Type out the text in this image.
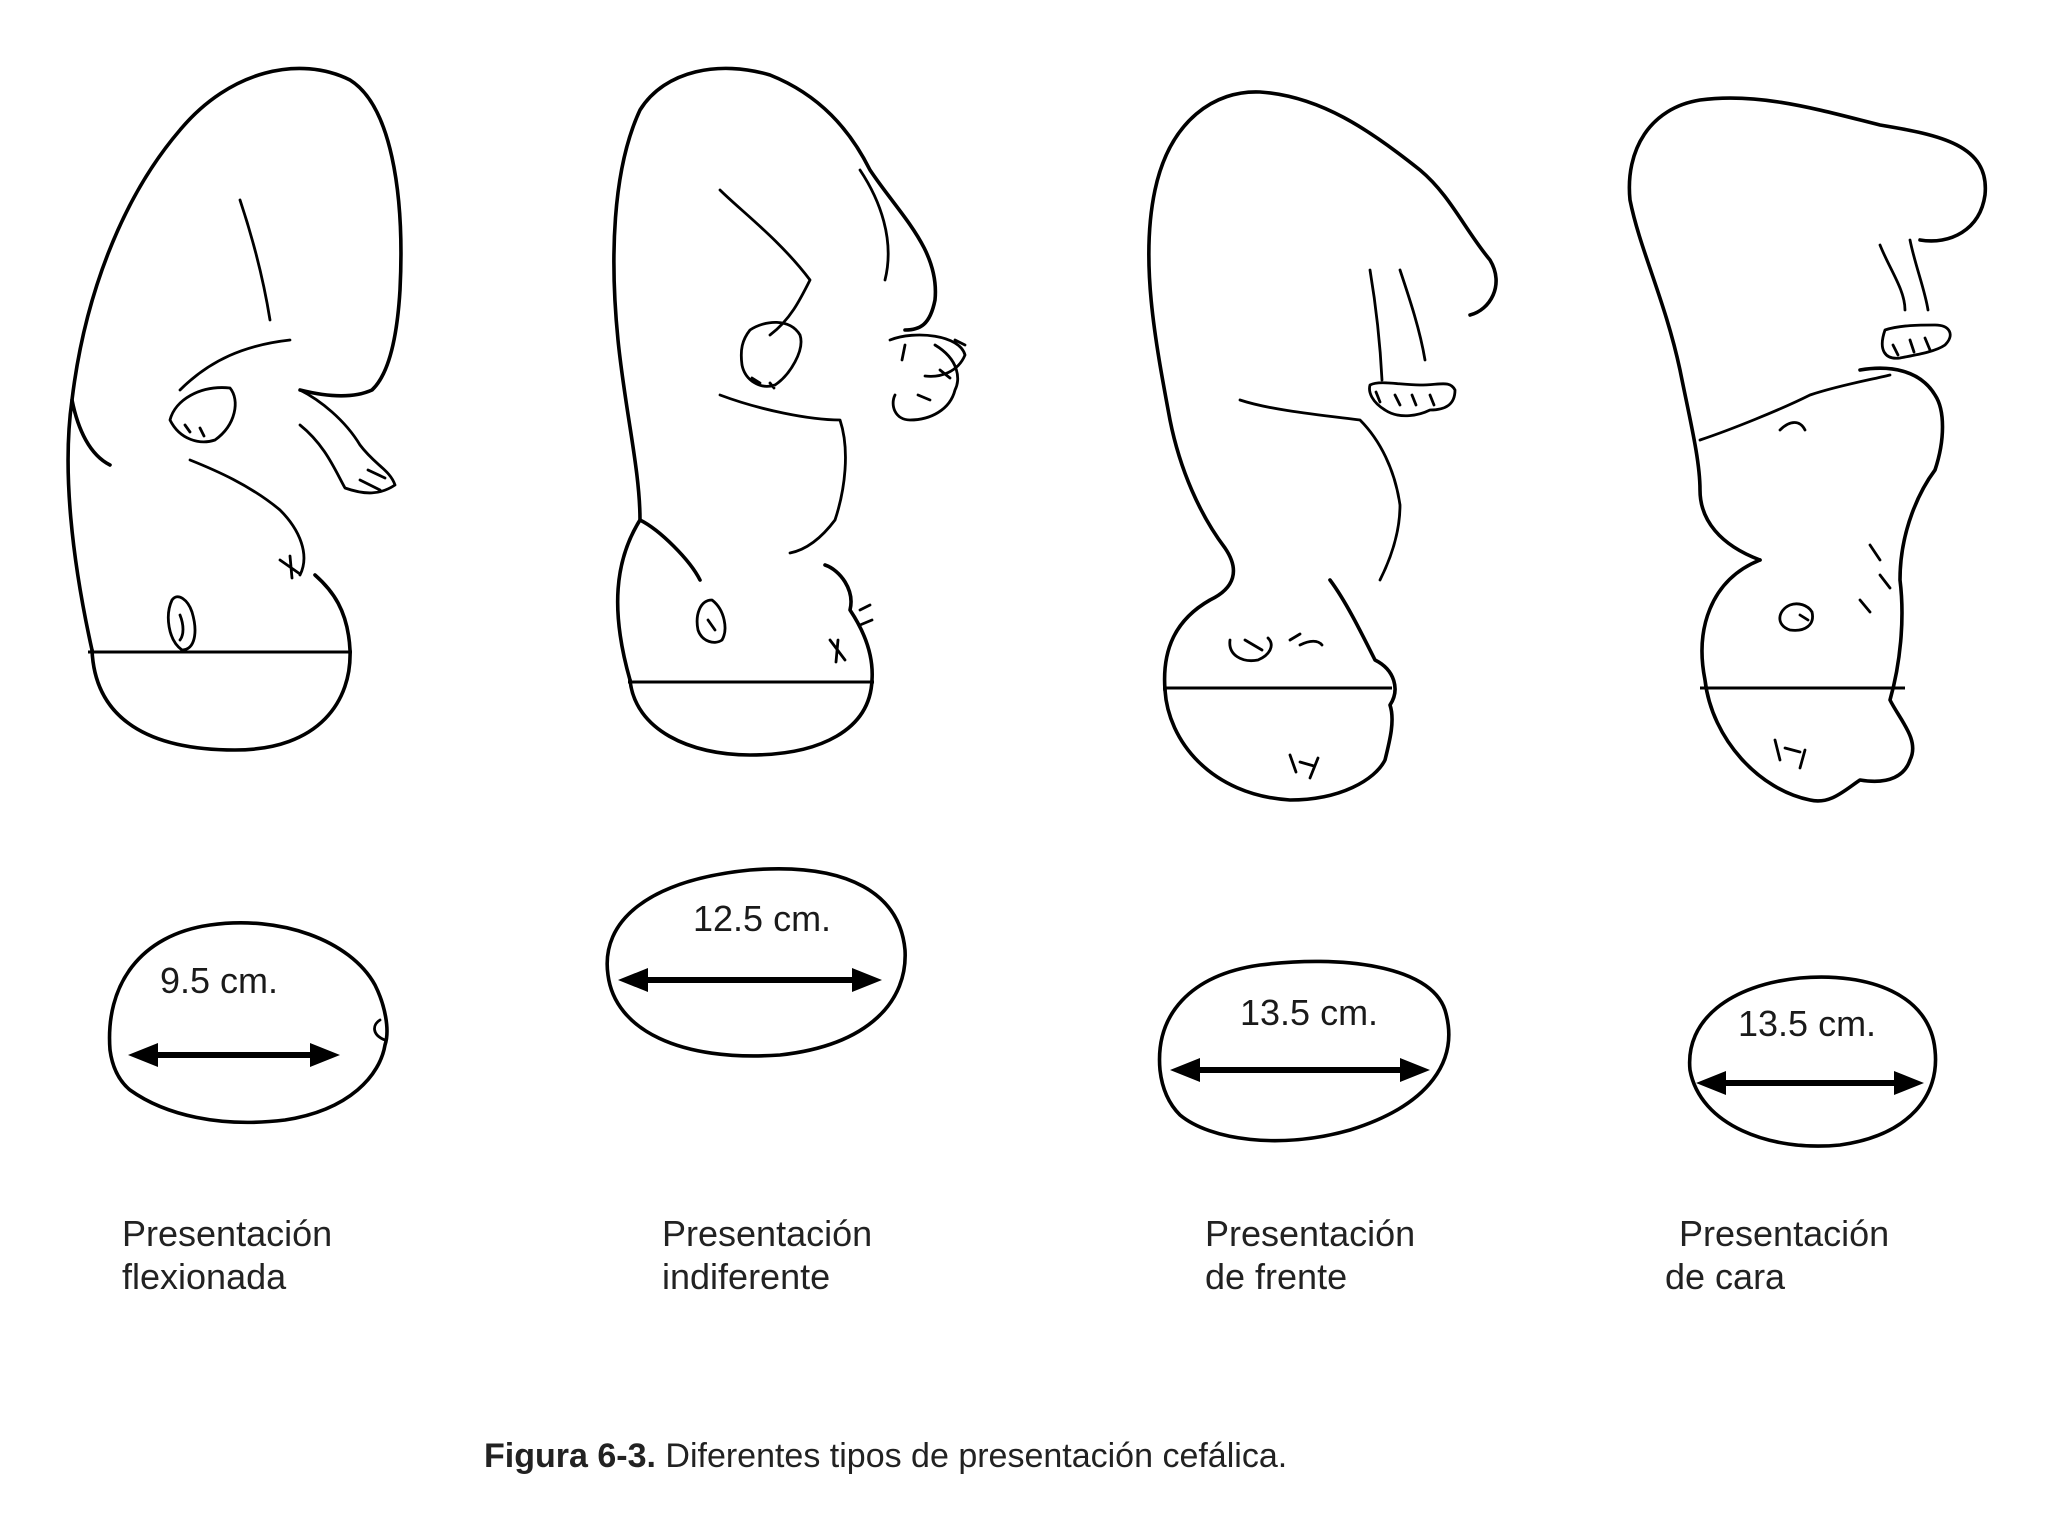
9.5 cm.
12.5 cm.
13.5 cm.	13.5 cm.
Presentación
flexionada
Presentación
indiferente
Presentación
de frente
Presentación
de cara
Figura 6-3. Diferentes tipos de presentación cefálica.
